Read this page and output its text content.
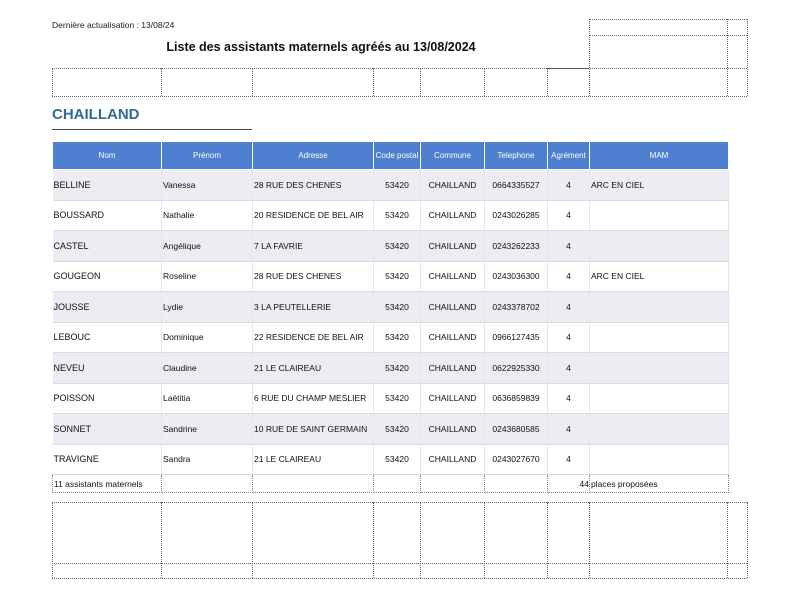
Dernière actualisation : 13/08/24
Liste des assistants maternels agréés au 13/08/2024
CHAILLAND
Nom	Prénom	Adresse	Code postal	Commune	Telephone	Agrément	MAM
BELLINE	Vanessa	28 RUE DES CHENES	53420	CHAILLAND	0664335527	4	ARC EN CIEL
BOUSSARD	Nathalie	20 RESIDENCE DE BEL AIR	53420	CHAILLAND	0243026285	4	
CASTEL	Angélique	7 LA FAVRIE	53420	CHAILLAND	0243262233	4	
GOUGEON	Roseline	28 RUE DES CHENES	53420	CHAILLAND	0243036300	4	ARC EN CIEL
JOUSSE	Lydie	3 LA PEUTELLERIE	53420	CHAILLAND	0243378702	4	
LEBOUC	Dominique	22 RESIDENCE DE BEL AIR	53420	CHAILLAND	0966127435	4	
NEVEU	Claudine	21 LE CLAIREAU	53420	CHAILLAND	0622925330	4	
POISSON	Laëtitia	6 RUE DU CHAMP MESLIER	53420	CHAILLAND	0636859839	4	
SONNET	Sandrine	10 RUE DE SAINT GERMAIN	53420	CHAILLAND	0243680585	4	
TRAVIGNE	Sandra	21 LE CLAIREAU	53420	CHAILLAND	0243027670	4	
11 assistants maternels						44	places proposées
